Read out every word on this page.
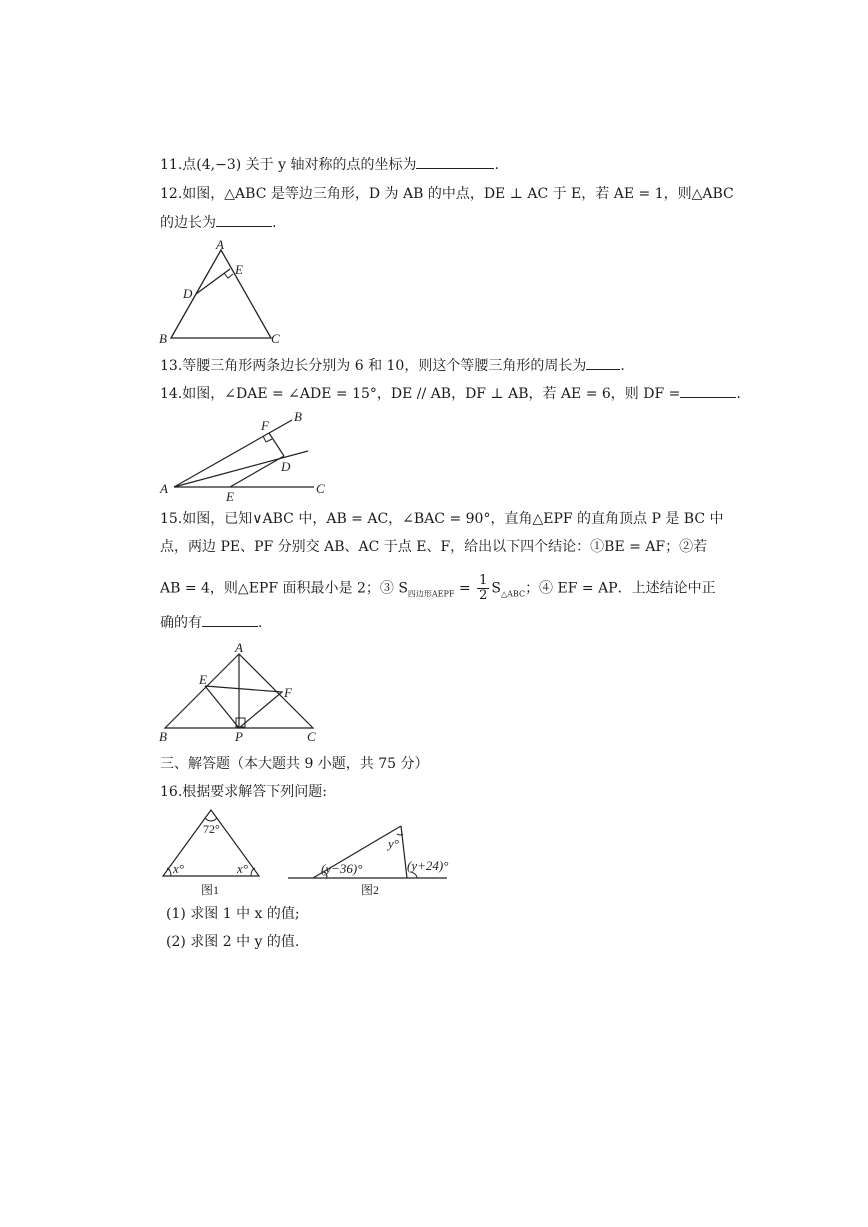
11.点(4,−3) 关于 y 轴对称的点的坐标为	.
12.如图，△ABC 是等边三角形，D 为 AB 的中点，DE ⊥ AC 于 E，若 AE = 1，则△ABC
的边长为	.
A
E
D
B	C
13.等腰三角形两条边长分别为 6 和 10，则这个等腰三角形的周长为 .
14.如图，∠DAE = ∠ADE = 15°，DE // AB，DF ⊥ AB，若 AE = 6，则 DF =	.
F
B
D
A
E
C
15.如图，已知∨ABC 中，AB = AC，∠BAC = 90°，直角△EPF 的直角顶点 P 是 BC 中
点，两边 PE、PF 分别交 AB、AC 于点 E、F，给出以下四个结论：①BE = AF；②若
AB = 4，则△EPF 面积最小是 2；③ $S_{四边形AEPF} = \frac{1}{2} S_{\triangle ABC}$；④ EF = AP．上述结论中正
确的有	.
A
E
F
B	P	C
三、解答题（本大题共 9 小题，共 75 分）
16.根据要求解答下列问题:
72°
x°	x°
图1
y°
(y−36)°	(y+24)°
图2
(1) 求图 1 中 x 的值;
(2) 求图 2 中 y 的值.
